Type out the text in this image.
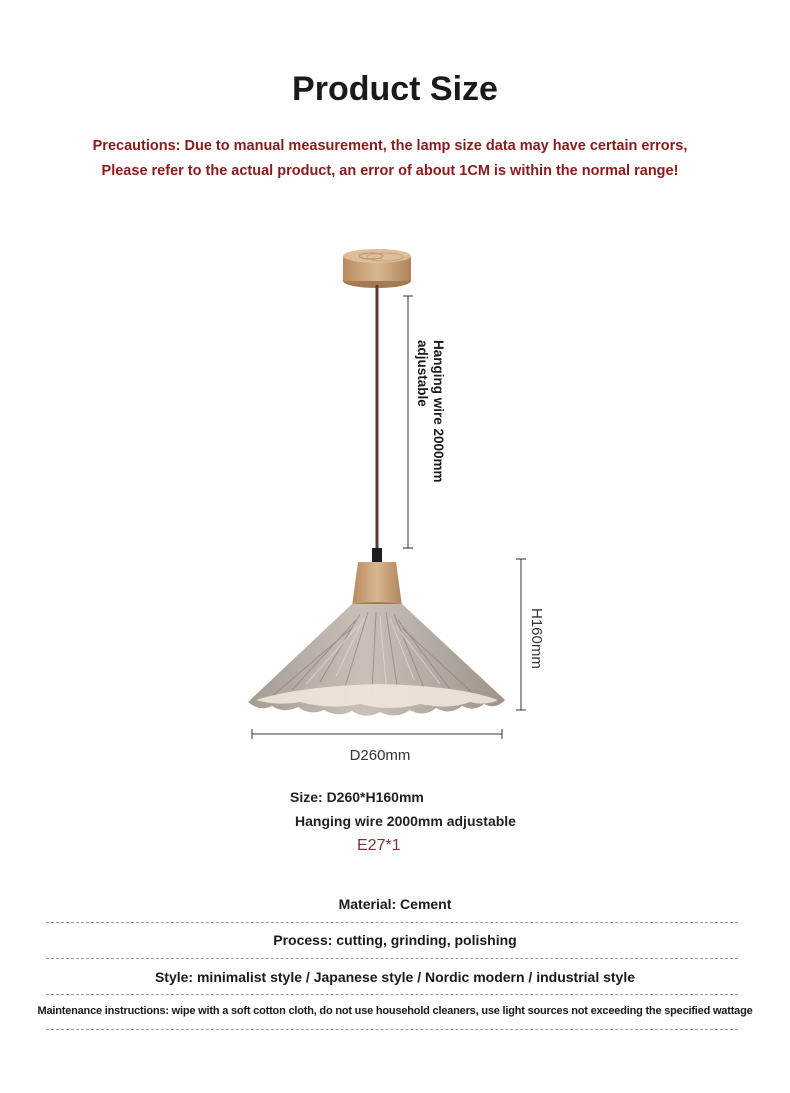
Product Size
Precautions: Due to manual measurement, the lamp size data may have certain errors,
Please refer to the actual product, an error of about 1CM is within the normal range!
Hanging wire 2000mm
adjustable
H160mm
D260mm
Size: D260*H160mm
Hanging wire 2000mm adjustable
E27*1
Material: Cement
Process: cutting, grinding, polishing
Style: minimalist style / Japanese style / Nordic modern / industrial style
Maintenance instructions: wipe with a soft cotton cloth, do not use household cleaners, use light sources not exceeding the specified wattage
